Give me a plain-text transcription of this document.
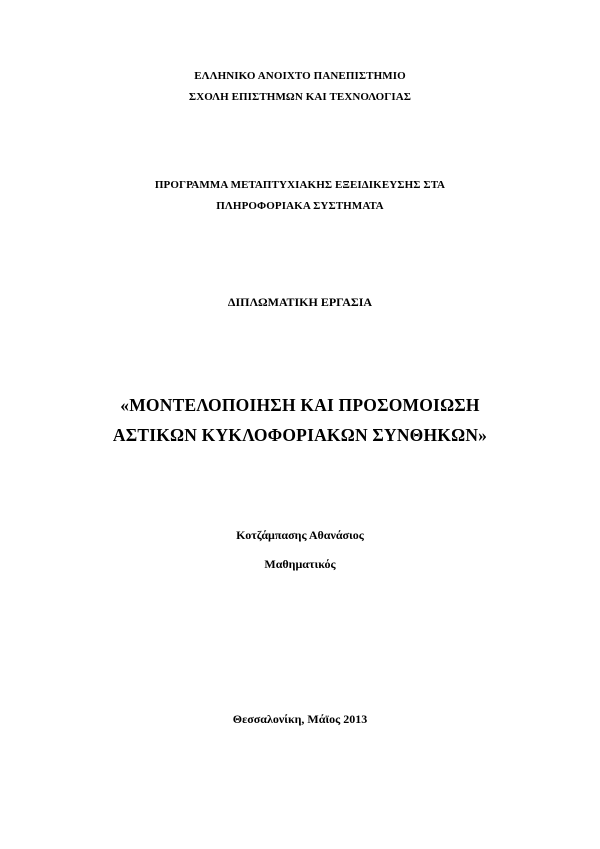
ΕΛΛΗΝΙΚΟ ΑΝΟΙΧΤΟ ΠΑΝΕΠΙΣΤΗΜΙΟ
ΣΧΟΛΗ ΕΠΙΣΤΗΜΩΝ ΚΑΙ ΤΕΧΝΟΛΟΓΙΑΣ
ΠΡΟΓΡΑΜΜΑ ΜΕΤΑΠΤΥΧΙΑΚΗΣ ΕΞΕΙΔΙΚΕΥΣΗΣ ΣΤΑ
ΠΛΗΡΟΦΟΡΙΑΚΑ ΣΥΣΤΗΜΑΤΑ
ΔΙΠΛΩΜΑΤΙΚΗ ΕΡΓΑΣΙΑ
«ΜΟΝΤΕΛΟΠΟΙΗΣΗ ΚΑΙ ΠΡΟΣΟΜΟΙΩΣΗ
ΑΣΤΙΚΩΝ ΚΥΚΛΟΦΟΡΙΑΚΩΝ ΣΥΝΘΗΚΩΝ»
Κοτζάμπασης Αθανάσιος
Μαθηματικός
Θεσσαλονίκη, Μάϊος 2013
